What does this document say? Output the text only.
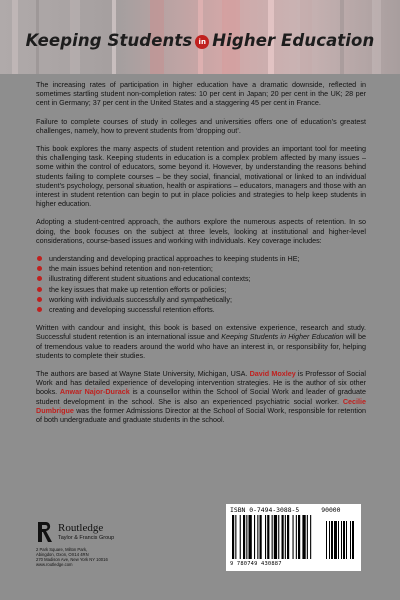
Keeping Students in Higher Education

The increasing rates of participation in higher education have a dramatic downside, reflected in sometimes startling student non-completion rates: 10 per cent in Japan; 20 per cent in the UK; 28 per cent in Germany; 37 per cent in the United States and a staggering 45 per cent in France.

Failure to complete courses of study in colleges and universities offers one of education’s greatest challenges, namely, how to prevent students from ‘dropping out’.

This book explores the many aspects of student retention and provides an important tool for meeting this challenging task. Keeping students in education is a complex problem affected by many issues – some within the control of educators, some beyond it. However, by understanding the reasons behind students failing to complete courses – be they social, financial, motivational or linked to an individual student’s psychology, personal situation, health or aspirations – educators, managers and those with an interest in student retention can begin to put in place policies and strategies to help keep students in higher education.

Adopting a student-centred approach, the authors explore the numerous aspects of retention. In so doing, the book focuses on the subject at three levels, looking at institutional and higher-level considerations, course-based issues and working with individuals. Key coverage includes:

understanding and developing practical approaches to keeping students in HE;
the main issues behind retention and non-retention;
illustrating different student situations and educational contexts;
the key issues that make up retention efforts or policies;
working with individuals successfully and sympathetically;
creating and developing successful retention efforts.

Written with candour and insight, this book is based on extensive experience, research and study. Successful student retention is an international issue and Keeping Students in Higher Education will be of tremendous value to readers around the world who have an interest in, or responsibility for, helping students to complete their studies.

The authors are based at Wayne State University, Michigan, USA. David Moxley is Professor of Social Work and has detailed experience of developing intervention strategies. He is the author of six other books. Anwar Najor-Durack is a counsellor within the School of Social Work and leader of graduate student development in the school. She is also an experienced psychiatric social worker. Cecilie Dumbrigue was the former Admissions Director at the School of Social Work, responsible for retention of both undergraduate and graduate students in the school.

Routledge
Taylor & Francis Group
2 Park Square, Milton Park,
Abingdon, Oxon, OX14 4RN
270 Madison Ave, New York NY 10016
www.routledge.com
ISBN 0-7494-3088-5	90000
9 780749 430887
